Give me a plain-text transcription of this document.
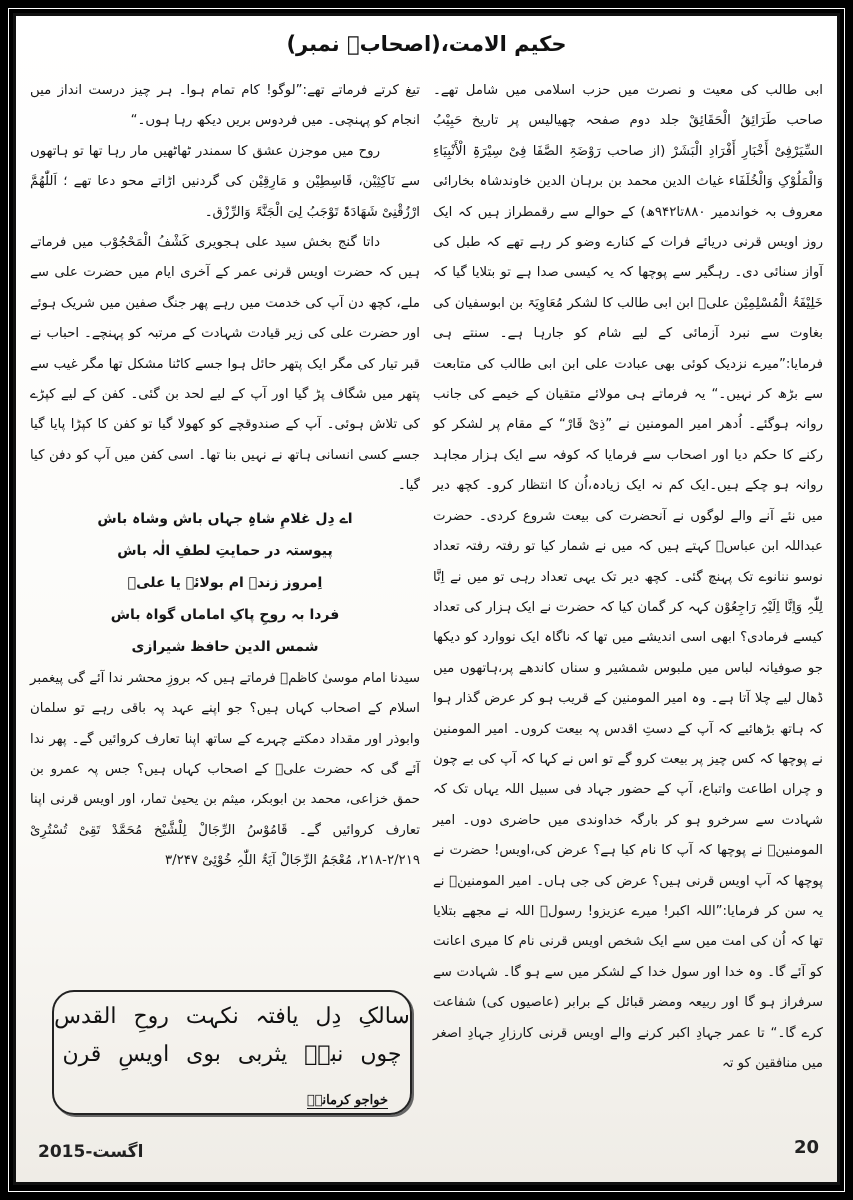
حکیم الامت،(اصحابؑ نمبر)

ابی طالب کی معیت و نصرت میں حزب اسلامی میں شامل تھے۔صاحب طَرَائِقُ الْحَقَائِقْ جلد دوم صفحہ چھیالیس پر تاریخ حَبِیْبُ السِّیَرْفِیْ أَخْبَارِ أَفْرَادِ الْبَشَرْ (از صاحب رَوْضَۃِ الصَّفَا فِیْ سِیْرَۃِ الْأَنْبِیَاءِ وَالْمَلُوْکِ وَالْخُلَفَاء غیاث الدین محمد بن برہان الدین خاوندشاہ بخارائی معروف بہ خواندمیر ۸۸۰تا۹۴۲ھ) کے حوالے سے رقمطراز ہیں کہ ایک روز اویس قرنی دریائے فرات کے کنارے وضو کر رہے تھے کہ طبل کی آواز سنائی دی۔ رہگیر سے پوچھا کہ یہ کیسی صدا ہے تو بتلایا گیا کہ خَلِیْفَۃُ الْمُسْلِمِیْن علیؑ ابن ابی طالب کا لشکر مُعَاوِیَۃ بن ابوسفیان کی بغاوت سے نبرد آزمائی کے لیے شام کو جارہا ہے۔ سنتے ہی فرمایا:”میرے نزدیک کوئی بھی عبادت علی ابن ابی طالب کی متابعت سے بڑھ کر نہیں۔“ یہ فرماتے ہی مولائے متقیان کے خیمے کی جانب روانہ ہوگئے۔ اُدھر امیر المومنین نے ”ذِیْ قَارْ“ کے مقام پر لشکر کو رکنے کا حکم دیا اور اصحاب سے فرمایا کہ کوفہ سے ایک ہزار مجاہد روانہ ہو چکے ہیں۔ایک کم نہ ایک زیادہ،اُن کا انتظار کرو۔ کچھ دیر میں نئے آنے والے لوگوں نے آنحضرت کی بیعت شروع کردی۔ حضرت عبداللہ ابن عباسؓ کہتے ہیں کہ میں نے شمار کیا تو رفتہ رفتہ تعداد نوسو ننانوے تک پہنچ گئی۔ کچھ دیر تک یہی تعداد رہی تو میں نے اِنَّا لِلّٰہِ وَاِنَّا اِلَیْہِ رَاجِعُوْن کہہ کر گمان کیا کہ حضرت نے ایک ہزار کی تعداد کیسے فرمادی؟ ابھی اسی اندیشے میں تھا کہ ناگاہ ایک نووارد کو دیکھا جو صوفیانہ لباس میں ملبوس شمشیر و سناں کاندھے پر،ہاتھوں میں ڈھال لیے چلا آتا ہے۔ وہ امیر المومنین کے قریب ہو کر عرض گذار ہوا کہ ہاتھ بڑھائیے کہ آپ کے دستِ اقدس پہ بیعت کروں۔ امیر المومنین نے پوچھا کہ کس چیز پر بیعت کرو گے تو اس نے کہا کہ آپ کی بے چون و چراں اطاعت واتباع، آپ کے حضور جہاد فی سبیل اللہ یہاں تک کہ شہادت سے سرخرو ہو کر بارگہ خداوندی میں حاضری دوں۔ امیر المومنینؑ نے پوچھا کہ آپ کا نام کیا ہے؟ عرض کی،اویس! حضرت نے پوچھا کہ آپ اویس قرنی ہیں؟ عرض کی جی ہاں۔ امیر المومنینؑ نے یہ سن کر فرمایا:”اللہ اکبر! میرے عزیزو! رسولؐ اللہ نے مجھے بتلایا تھا کہ اُن کی امت میں سے ایک شخص اویس قرنی نام کا میری اعانت کو آئے گا۔ وہ خدا اور سول خدا کے لشکر میں سے ہو گا۔ شہادت سے سرفراز ہو گا اور ربیعہ ومضر قبائل کے برابر (عاصیوں کی) شفاعت کرے گا۔“ تا عمر جہادِ اکبر کرنے والے اویس قرنی کارزارِ جہادِ اصغر میں منافقین کو تہ

تیغ کرتے فرماتے تھے:”لوگو! کام تمام ہوا۔ ہر چیز درست انداز میں انجام کو پہنچی۔ میں فردوس بریں دیکھ رہا ہوں۔“

روح میں موجزن عشق کا سمندر ٹھاٹھیں مار رہا تھا تو ہاتھوں سے نَاکِثِیْن، قَاسِطِیْن و مَارِقِیْن کی گردنیں اڑاتے محو دعا تھے ؛ اَللّٰھُمَّ ارْزُقْنِیْ شَھَادَۃً تَوْجَبُ لِیَ الْجَنَّۃَ وَالرِّزْق۔

داتا گنج بخش سید علی ہجویری کَشْفُ الْمَحْجُوْب میں فرماتے ہیں کہ حضرت اویس قرنی عمر کے آخری ایام میں حضرت علی سے ملے، کچھ دن آپ کی خدمت میں رہے پھر جنگ صفین میں شریک ہوئے اور حضرت علی کی زیر قیادت شہادت کے مرتبہ کو پہنچے۔ احباب نے قبر تیار کی مگر ایک پتھر حائل ہوا جسے کاٹنا مشکل تھا مگر غیب سے پتھر میں شگاف پڑ گیا اور آپ کے لیے لحد بن گئی۔ کفن کے لیے کپڑے کی تلاش ہوئی۔ آپ کے صندوقچے کو کھولا گیا تو کفن کا کپڑا پایا گیا جسے کسی انسانی ہاتھ نے نہیں بنا تھا۔ اسی کفن میں آپ کو دفن کیا گیا۔

اے دِل غلامِ شاہِ جہاں باش وشاہ باش
پیوستہ در حمایتِ لطفِ الٰہ باش
اِمروز زندہ ام بولائے یا علیؑ
فردا بہ روحِ پاکِ اماماں گواہ باش
شمس الدین حافظ شیرازی

سیدنا امام موسیٰ کاظمؑ فرماتے ہیں کہ بروزِ محشر ندا آئے گی پیغمبر اسلام کے اصحاب کہاں ہیں؟ جو اپنے عہد پہ باقی رہے تو سلمان وابوذر اور مقداد دمکتے چہرے کے ساتھ اپنا تعارف کروائیں گے۔ پھر ندا آئے گی کہ حضرت علیؑ کے اصحاب کہاں ہیں؟ جس پہ عمرو بن حمق خزاعی، محمد بن ابوبکر، میثم بن یحییٰ تمار، اور اویس قرنی اپنا تعارف کروائیں گے۔ قَامُوْسُ الرِّجَالْ لِلْشَّیْخ مُحَمَّدْ تَقِیْ تُسْتُرِیْ ۲/۲۱۹-۲۱۸، مُعْجَمُ الرِّجَالْ آیَۃُ اللّٰہِ خُوْئِیْ ۳/۲۴۷

سالکِ دِل یافتہ نکہت روحِ القدس
چوں نبیؐ یثربی بوی اویسِ قرن
خواجو کرمانیؒ
اگست-2015	20
